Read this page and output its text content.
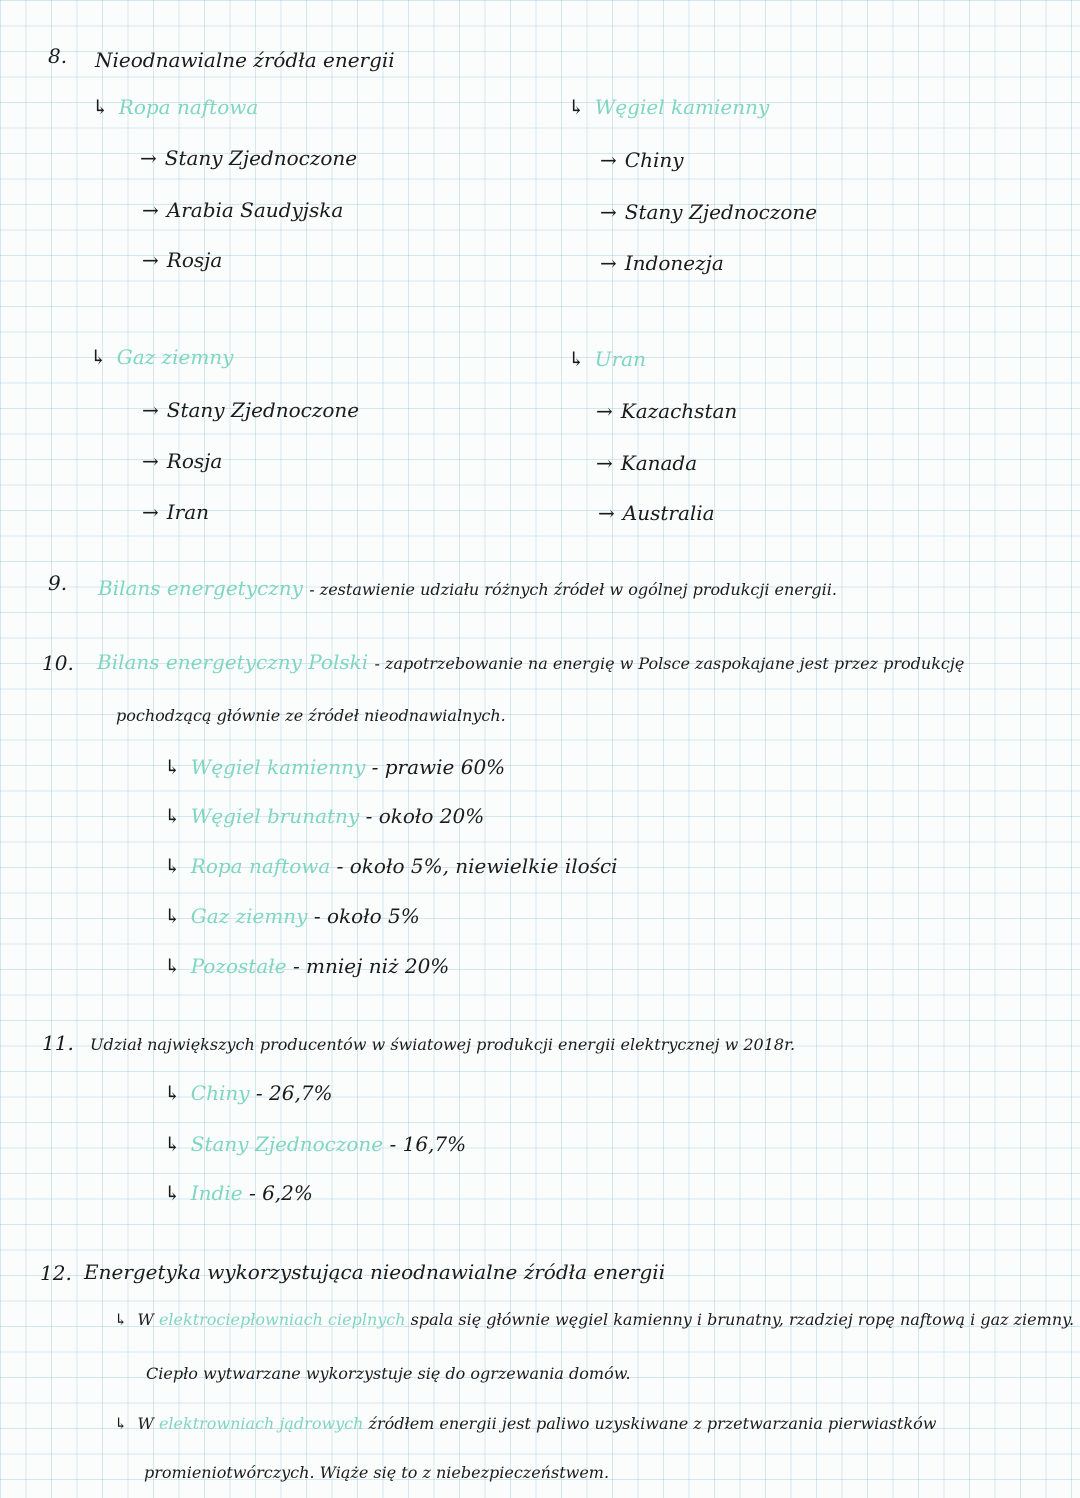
8. Nieodnawialne źródła energii
↳ Ropa naftowa
→ Stany Zjednoczone
→ Arabia Saudyjska
→ Rosja
↳ Węgiel kamienny
→ Chiny
→ Stany Zjednoczone
→ Indonezja
↳ Gaz ziemny
→ Stany Zjednoczone
→ Rosja
→ Iran
↳ Uran
→ Kazachstan
→ Kanada
→ Australia
9. Bilans energetyczny - zestawienie udziału różnych źródeł w ogólnej produkcji energii.
10. Bilans energetyczny Polski - zapotrzebowanie na energię w Polsce zaspokajane jest przez produkcję
pochodzącą głównie ze źródeł nieodnawialnych.
↳ Węgiel kamienny - prawie 60%
↳ Węgiel brunatny - około 20%
↳ Ropa naftowa - około 5%, niewielkie ilości
↳ Gaz ziemny - około 5%
↳ Pozostałe - mniej niż 20%
11. Udział największych producentów w światowej produkcji energii elektrycznej w 2018r.
↳ Chiny - 26,7%
↳ Stany Zjednoczone - 16,7%
↳ Indie - 6,2%
12. Energetyka wykorzystująca nieodnawialne źródła energii
↳ W elektrociepłowniach cieplnych spala się głównie węgiel kamienny i brunatny, rzadziej ropę naftową i gaz ziemny.
Ciepło wytwarzane wykorzystuje się do ogrzewania domów.
↳ W elektrowniach jądrowych źródłem energii jest paliwo uzyskiwane z przetwarzania pierwiastków
promieniotwórczych. Wiąże się to z niebezpieczeństwem.
